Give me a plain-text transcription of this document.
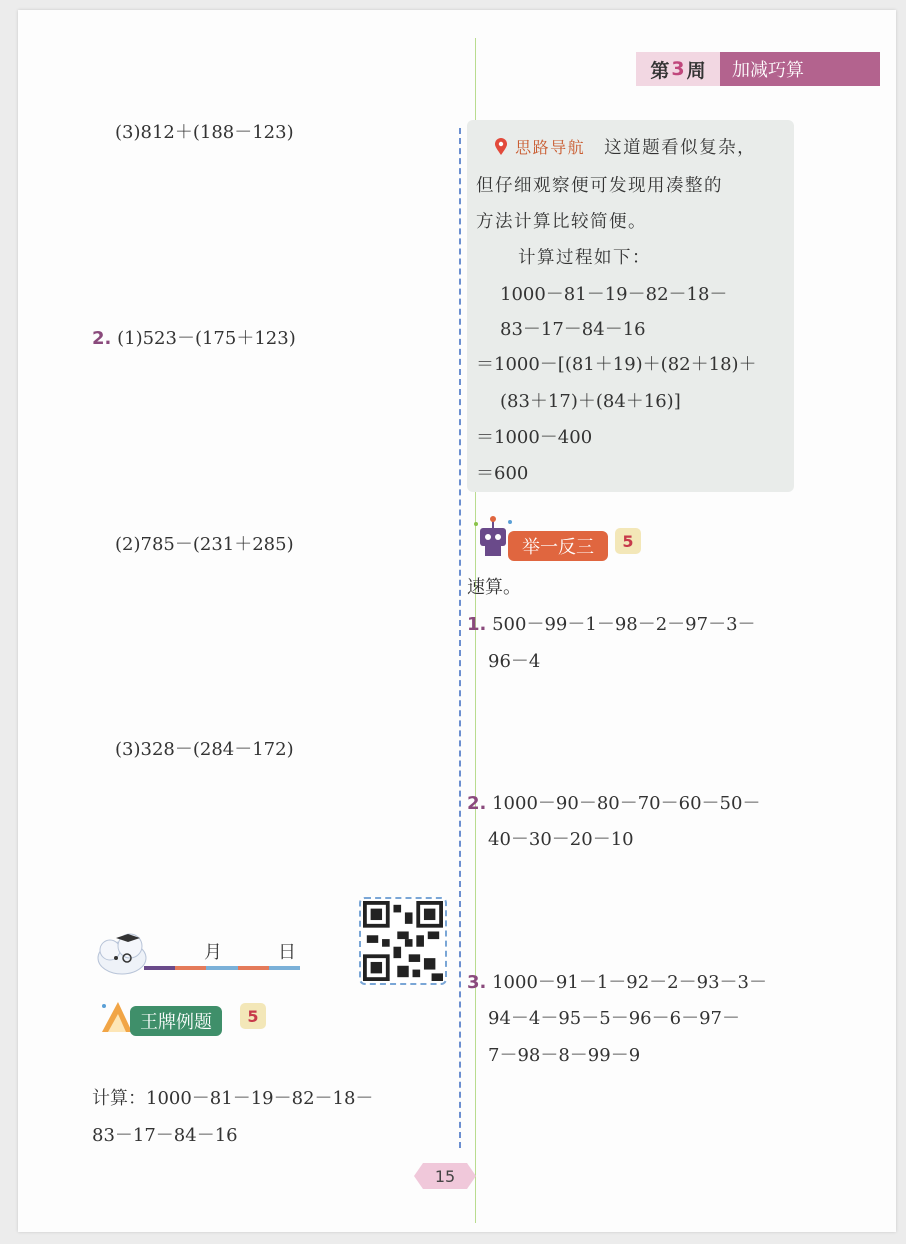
第 3 周	加减巧算
(3)812＋(188－123)
2. (1)523－(175＋123)
(2)785－(231＋285)
(3)328－(284－172)
月	日
王牌例题	5
计算：1000－81－19－82－18－
83－17－84－16
思路导航 这道题看似复杂，
但仔细观察便可发现用凑整的
方法计算比较简便。
计算过程如下：
1000－81－19－82－18－
83－17－84－16
＝1000－[(81＋19)＋(82＋18)＋
(83＋17)＋(84＋16)]
＝1000－400
＝600
举一反三	5
速算。
1. 500－99－1－98－2－97－3－
96－4
2. 1000－90－80－70－60－50－
40－30－20－10
3. 1000－91－1－92－2－93－3－
94－4－95－5－96－6－97－
7－98－8－99－9
15
